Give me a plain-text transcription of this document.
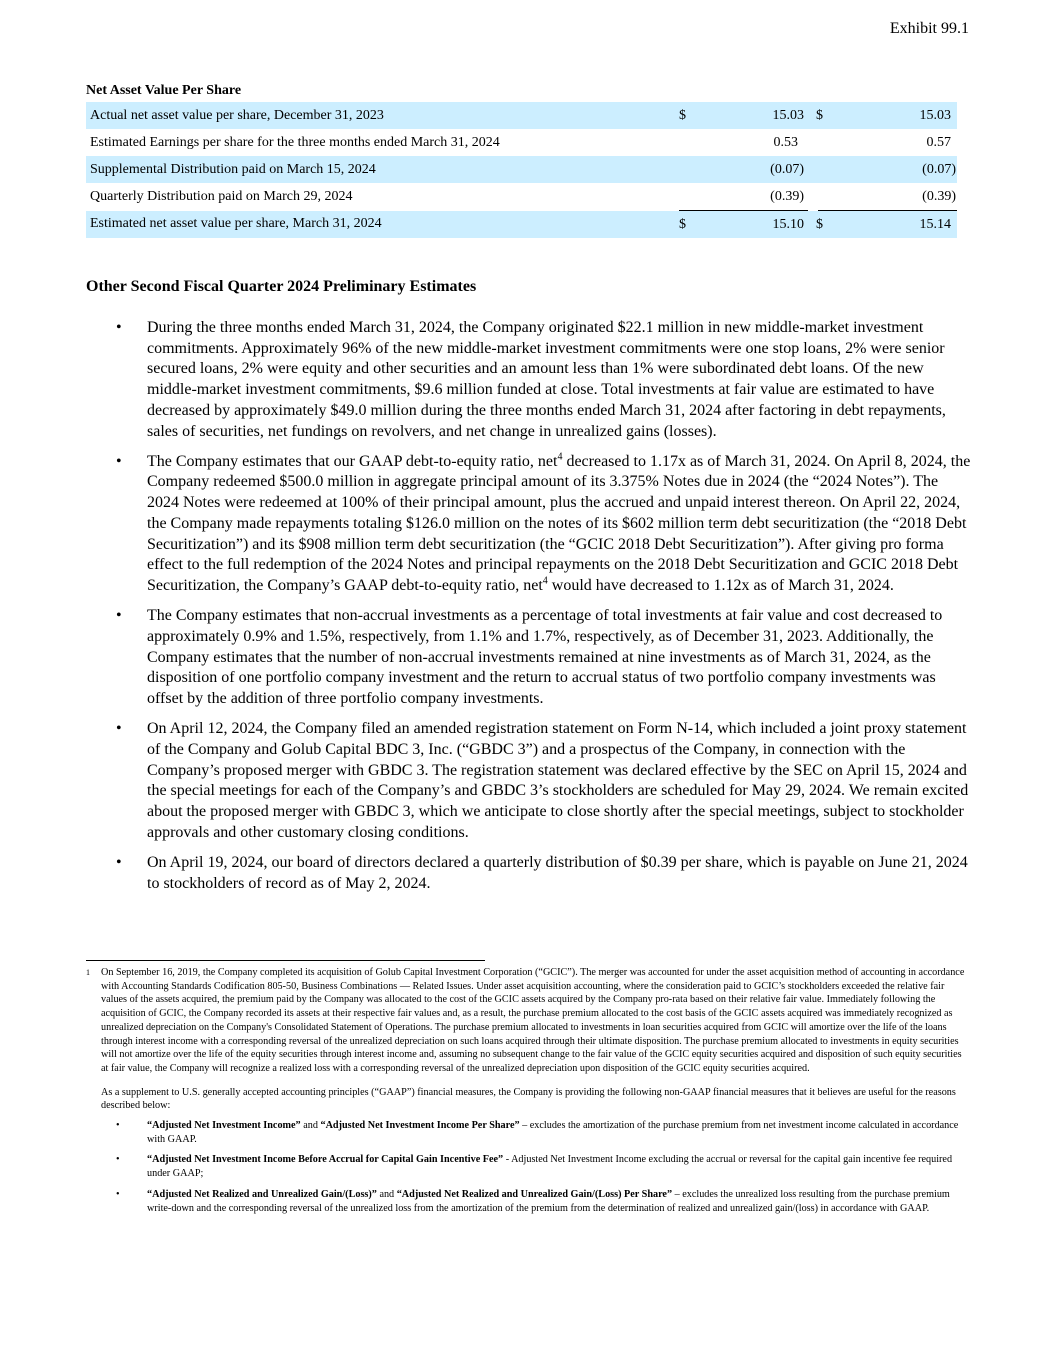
Exhibit 99.1
Net Asset Value Per Share					
Actual net asset value per share, December 31, 2023	$	15.03	$		15.03
Estimated Earnings per share for the three months ended March 31, 2024		0.53			0.57
Supplemental Distribution paid on March 15, 2024		(0.07)			(0.07)
Quarterly Distribution paid on March 29, 2024		(0.39)			(0.39)
Estimated net asset value per share, March 31, 2024	$	15.10	$		15.14
Other Second Fiscal Quarter 2024 Preliminary Estimates
• During the three months ended March 31, 2024, the Company originated $22.1 million in new middle-market investment commitments. Approximately 96% of the new middle-market investment commitments were one stop loans, 2% were senior secured loans, 2% were equity and other securities and an amount less than 1% were subordinated debt loans. Of the new middle-market investment commitments, $9.6 million funded at close. Total investments at fair value are estimated to have decreased by approximately $49.0 million during the three months ended March 31, 2024 after factoring in debt repayments, sales of securities, net fundings on revolvers, and net change in unrealized gains (losses).
• The Company estimates that our GAAP debt-to-equity ratio, net$^4$ decreased to 1.17x as of March 31, 2024. On April 8, 2024, the Company redeemed $500.0 million in aggregate principal amount of its 3.375% Notes due in 2024 (the “2024 Notes”). The 2024 Notes were redeemed at 100% of their principal amount, plus the accrued and unpaid interest thereon. On April 22, 2024, the Company made repayments totaling $126.0 million on the notes of its $602 million term debt securitization (the “2018 Debt Securitization”) and its $908 million term debt securitization (the “GCIC 2018 Debt Securitization”). After giving pro forma effect to the full redemption of the 2024 Notes and principal repayments on the 2018 Debt Securitization and GCIC 2018 Debt Securitization, the Company’s GAAP debt-to-equity ratio, net$^4$ would have decreased to 1.12x as of March 31, 2024.
• The Company estimates that non-accrual investments as a percentage of total investments at fair value and cost decreased to approximately 0.9% and 1.5%, respectively, from 1.1% and 1.7%, respectively, as of December 31, 2023. Additionally, the Company estimates that the number of non-accrual investments remained at nine investments as of March 31, 2024, as the disposition of one portfolio company investment and the return to accrual status of two portfolio company investments was offset by the addition of three portfolio company investments.
• On April 12, 2024, the Company filed an amended registration statement on Form N-14, which included a joint proxy statement of the Company and Golub Capital BDC 3, Inc. (“GBDC 3”) and a prospectus of the Company, in connection with the Company’s proposed merger with GBDC 3. The registration statement was declared effective by the SEC on April 15, 2024 and the special meetings for each of the Company’s and GBDC 3’s stockholders are scheduled for May 29, 2024. We remain excited about the proposed merger with GBDC 3, which we anticipate to close shortly after the special meetings, subject to stockholder approvals and other customary closing conditions.
• On April 19, 2024, our board of directors declared a quarterly distribution of $0.39 per share, which is payable on June 21, 2024 to stockholders of record as of May 2, 2024.
1	On September 16, 2019, the Company completed its acquisition of Golub Capital Investment Corporation (“GCIC”). The merger was accounted for under the asset acquisition method of accounting in accordance with Accounting Standards Codification 805-50, Business Combinations — Related Issues. Under asset acquisition accounting, where the consideration paid to GCIC’s stockholders exceeded the relative fair values of the assets acquired, the premium paid by the Company was allocated to the cost of the GCIC assets acquired by the Company pro-rata based on their relative fair value. Immediately following the acquisition of GCIC, the Company recorded its assets at their respective fair values and, as a result, the purchase premium allocated to the cost basis of the GCIC assets acquired was immediately recognized as unrealized depreciation on the Company's Consolidated Statement of Operations. The purchase premium allocated to investments in loan securities acquired from GCIC will amortize over the life of the loans through interest income with a corresponding reversal of the unrealized depreciation on such loans acquired through their ultimate disposition. The purchase premium allocated to investments in equity securities will not amortize over the life of the equity securities through interest income and, assuming no subsequent change to the fair value of the GCIC equity securities acquired and disposition of such equity securities at fair value, the Company will recognize a realized loss with a corresponding reversal of the unrealized depreciation upon disposition of the GCIC equity securities acquired.
As a supplement to U.S. generally accepted accounting principles (“GAAP”) financial measures, the Company is providing the following non-GAAP financial measures that it believes are useful for the reasons described below:
•	“Adjusted Net Investment Income” and “Adjusted Net Investment Income Per Share” – excludes the amortization of the purchase premium from net investment income calculated in accordance with GAAP.
•	“Adjusted Net Investment Income Before Accrual for Capital Gain Incentive Fee” - Adjusted Net Investment Income excluding the accrual or reversal for the capital gain incentive fee required under GAAP;
•	“Adjusted Net Realized and Unrealized Gain/(Loss)” and “Adjusted Net Realized and Unrealized Gain/(Loss) Per Share” – excludes the unrealized loss resulting from the purchase premium write-down and the corresponding reversal of the unrealized loss from the amortization of the premium from the determination of realized and unrealized gain/(loss) in accordance with GAAP.
